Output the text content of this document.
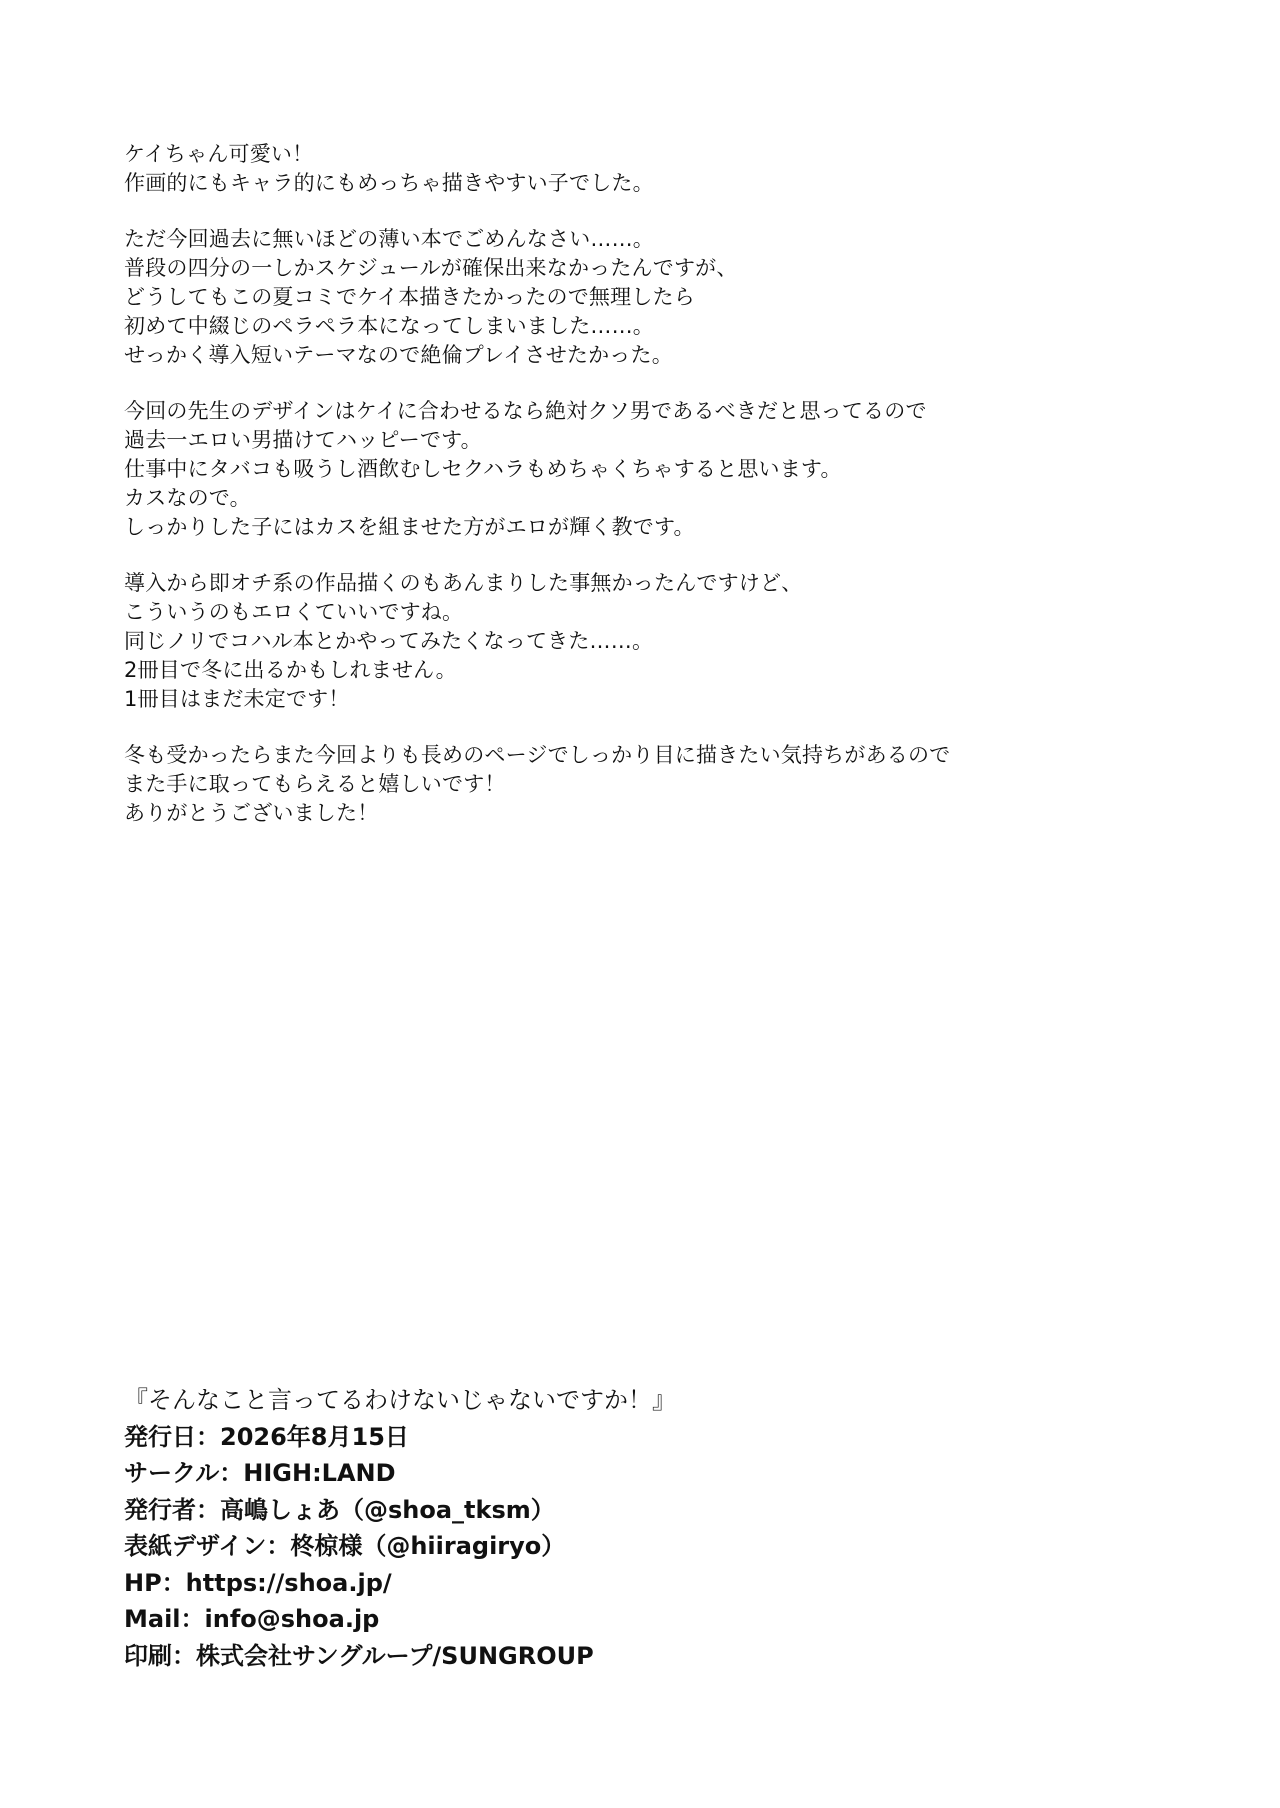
ケイちゃん可愛い！
作画的にもキャラ的にもめっちゃ描きやすい子でした。
ただ今回過去に無いほどの薄い本でごめんなさい……。
普段の四分の一しかスケジュールが確保出来なかったんですが、
どうしてもこの夏コミでケイ本描きたかったので無理したら
初めて中綴じのペラペラ本になってしまいました……。
せっかく導入短いテーマなので絶倫プレイさせたかった。
今回の先生のデザインはケイに合わせるなら絶対クソ男であるべきだと思ってるので
過去一エロい男描けてハッピーです。
仕事中にタバコも吸うし酒飲むしセクハラもめちゃくちゃすると思います。
カスなので。
しっかりした子にはカスを組ませた方がエロが輝く教です。
導入から即オチ系の作品描くのもあんまりした事無かったんですけど、
こういうのもエロくていいですね。
同じノリでコハル本とかやってみたくなってきた……。
2冊目で冬に出るかもしれません。
1冊目はまだ未定です！
冬も受かったらまた今回よりも長めのページでしっかり目に描きたい気持ちがあるので
また手に取ってもらえると嬉しいです！
ありがとうございました！
『そんなこと言ってるわけないじゃないですか！』
発行日：2026年8月15日
サークル：HIGH:LAND
発行者：高嶋しょあ（@shoa_tksm）
表紙デザイン：柊椋様（@hiiragiryo）
HP：https://shoa.jp/
Mail：info@shoa.jp
印刷：株式会社サングループ/SUNGROUP
